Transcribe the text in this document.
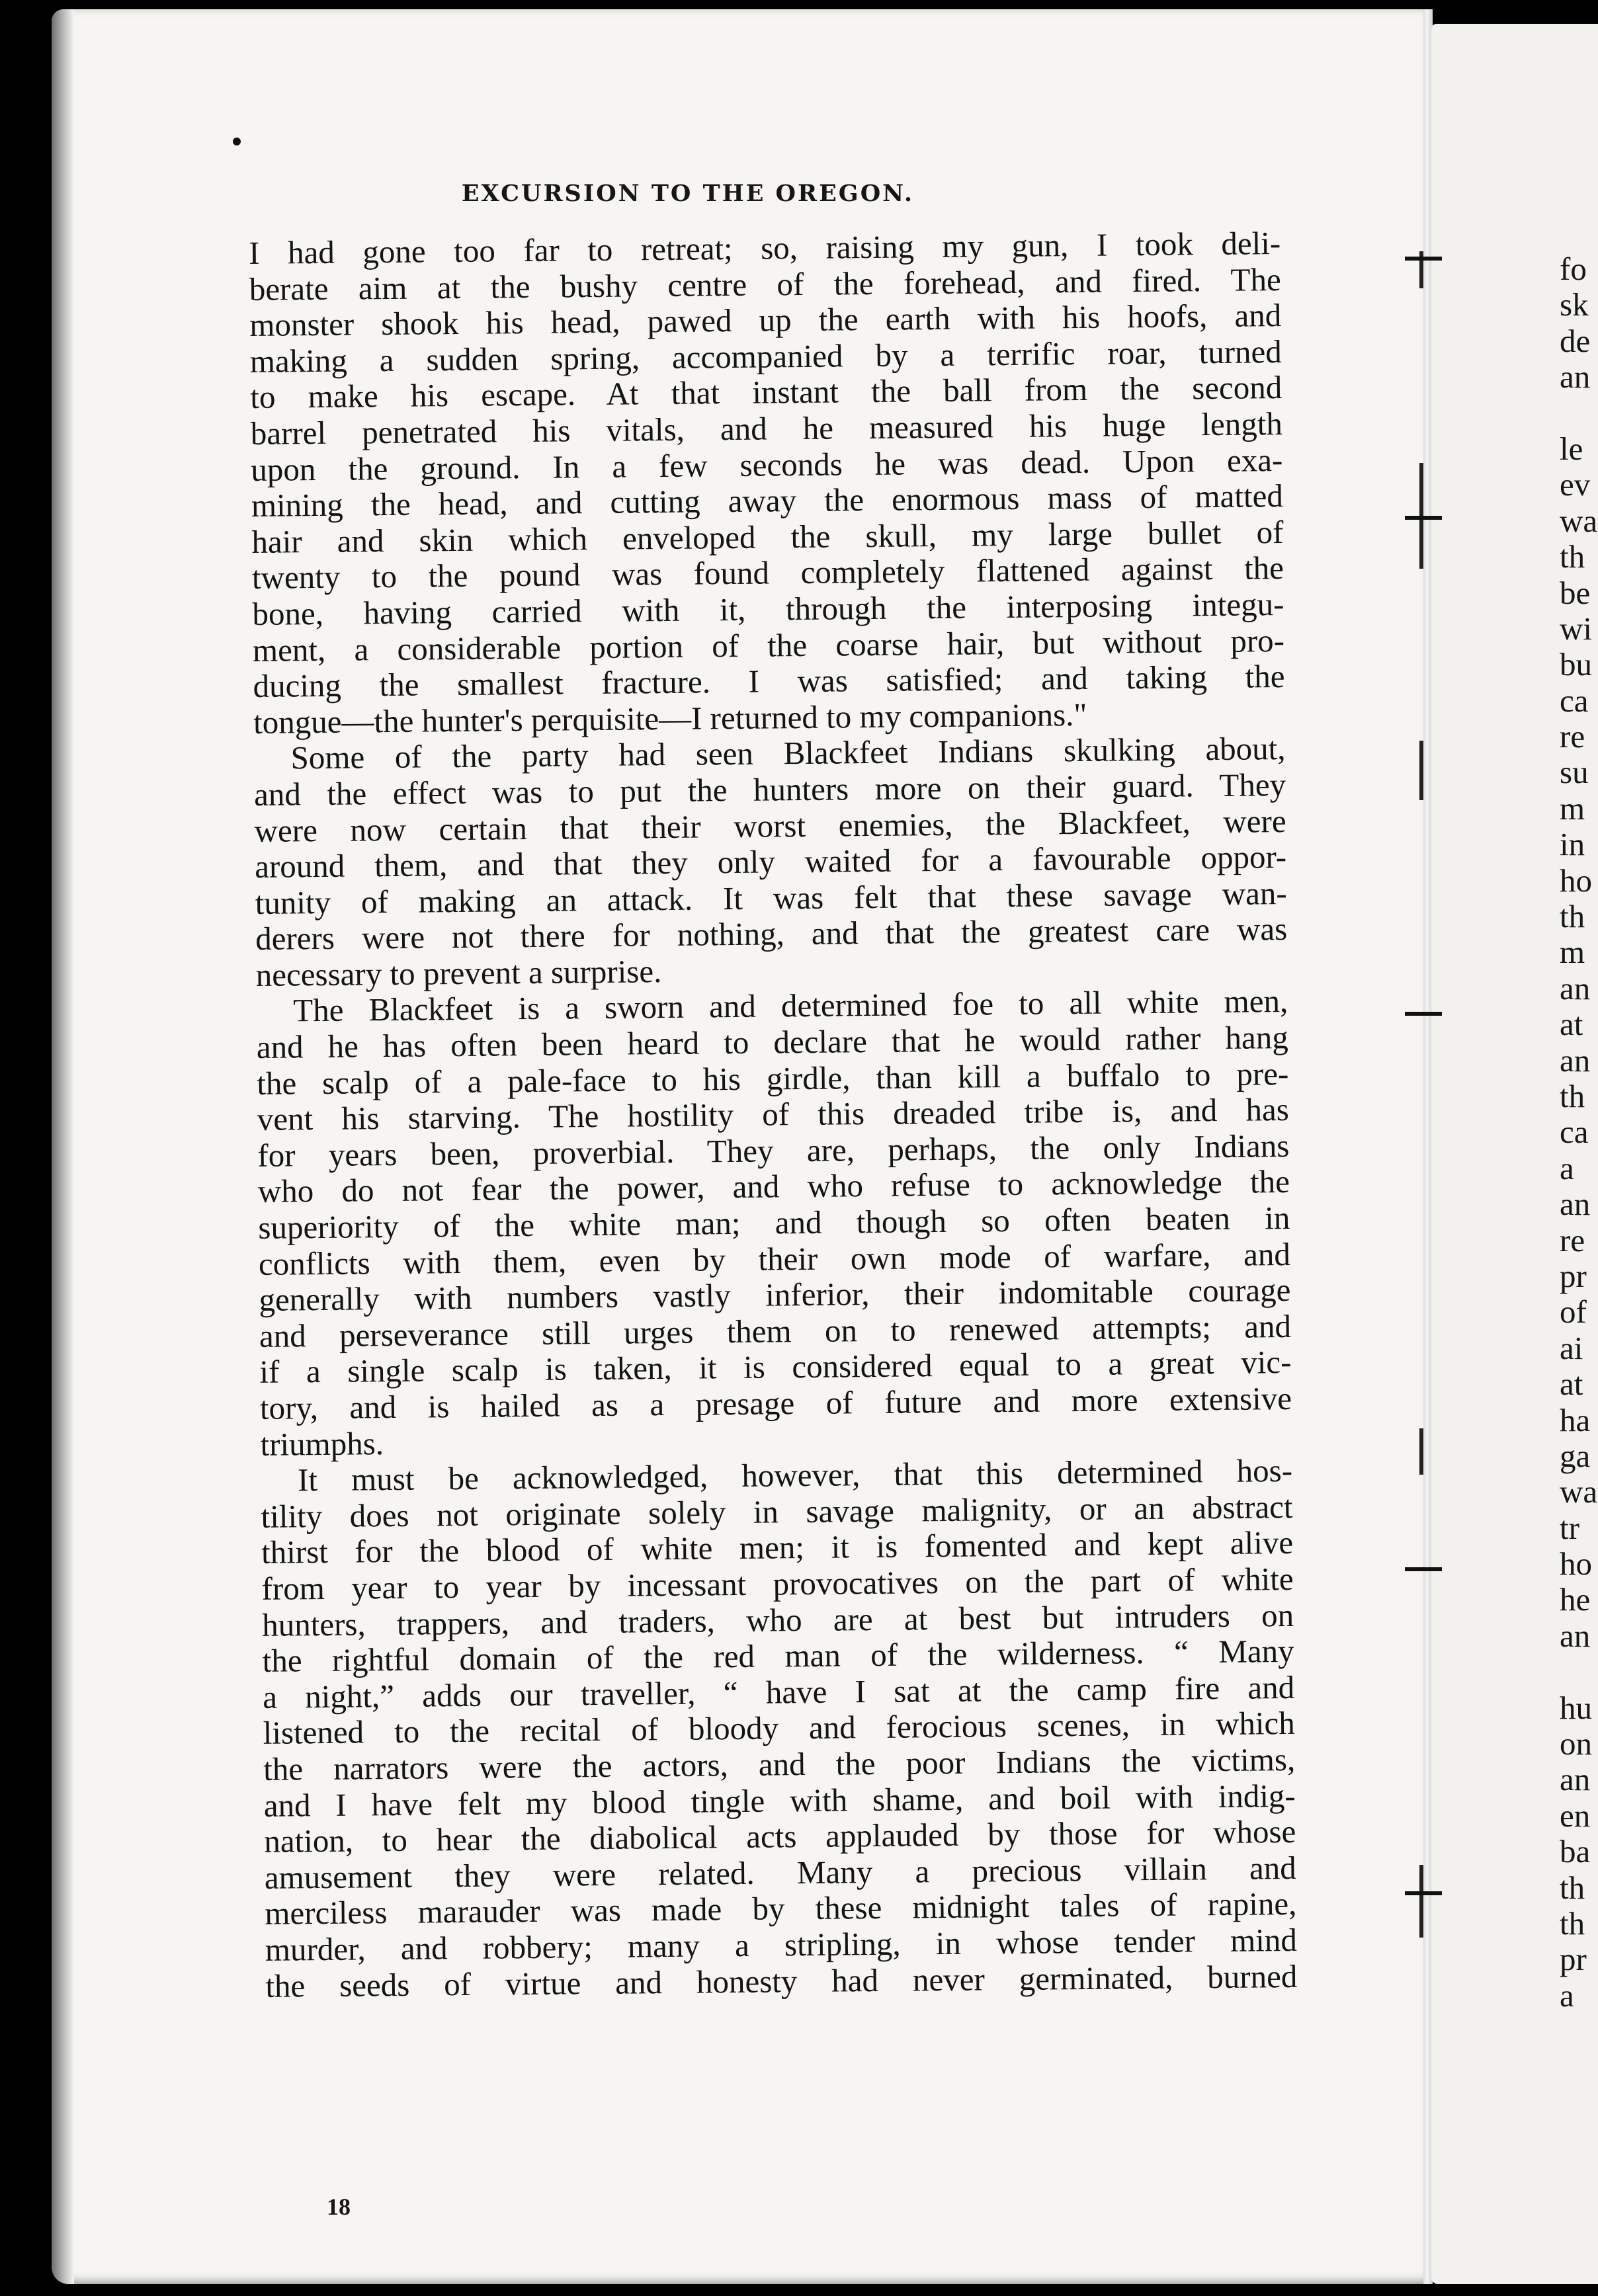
EXCURSION TO THE OREGON.
I had gone too far to retreat; so, raising my gun, I took deli-
berate aim at the bushy centre of the forehead, and fired. The
monster shook his head, pawed up the earth with his hoofs, and
making a sudden spring, accompanied by a terrific roar, turned
to make his escape. At that instant the ball from the second
barrel penetrated his vitals, and he measured his huge length
upon the ground. In a few seconds he was dead. Upon exa-
mining the head, and cutting away the enormous mass of matted
hair and skin which enveloped the skull, my large bullet of
twenty to the pound was found completely flattened against the
bone, having carried with it, through the interposing integu-
ment, a considerable portion of the coarse hair, but without pro-
ducing the smallest fracture. I was satisfied; and taking the
tongue—the hunter's perquisite—I returned to my companions."
Some of the party had seen Blackfeet Indians skulking about,
and the effect was to put the hunters more on their guard. They
were now certain that their worst enemies, the Blackfeet, were
around them, and that they only waited for a favourable oppor-
tunity of making an attack. It was felt that these savage wan-
derers were not there for nothing, and that the greatest care was
necessary to prevent a surprise.
The Blackfeet is a sworn and determined foe to all white men,
and he has often been heard to declare that he would rather hang
the scalp of a pale-face to his girdle, than kill a buffalo to pre-
vent his starving. The hostility of this dreaded tribe is, and has
for years been, proverbial. They are, perhaps, the only Indians
who do not fear the power, and who refuse to acknowledge the
superiority of the white man; and though so often beaten in
conflicts with them, even by their own mode of warfare, and
generally with numbers vastly inferior, their indomitable courage
and perseverance still urges them on to renewed attempts; and
if a single scalp is taken, it is considered equal to a great vic-
tory, and is hailed as a presage of future and more extensive
triumphs.
It must be acknowledged, however, that this determined hos-
tility does not originate solely in savage malignity, or an abstract
thirst for the blood of white men; it is fomented and kept alive
from year to year by incessant provocatives on the part of white
hunters, trappers, and traders, who are at best but intruders on
the rightful domain of the red man of the wilderness. “ Many
a night,” adds our traveller, “ have I sat at the camp fire and
listened to the recital of bloody and ferocious scenes, in which
the narrators were the actors, and the poor Indians the victims,
and I have felt my blood tingle with shame, and boil with indig-
nation, to hear the diabolical acts applauded by those for whose
amusement they were related. Many a precious villain and
merciless marauder was made by these midnight tales of rapine,
murder, and robbery; many a stripling, in whose tender mind
the seeds of virtue and honesty had never germinated, burned
18
fo
sk
de
an
le
ev
wa
th
be
wi
bu
ca
re
su
m
in
ho
th
m
an
at
an
th
ca
a
an
re
pr
of
ai
at
ha
ga
wa
tr
ho
he
an
hu
on
an
en
ba
th
th
pr
a
